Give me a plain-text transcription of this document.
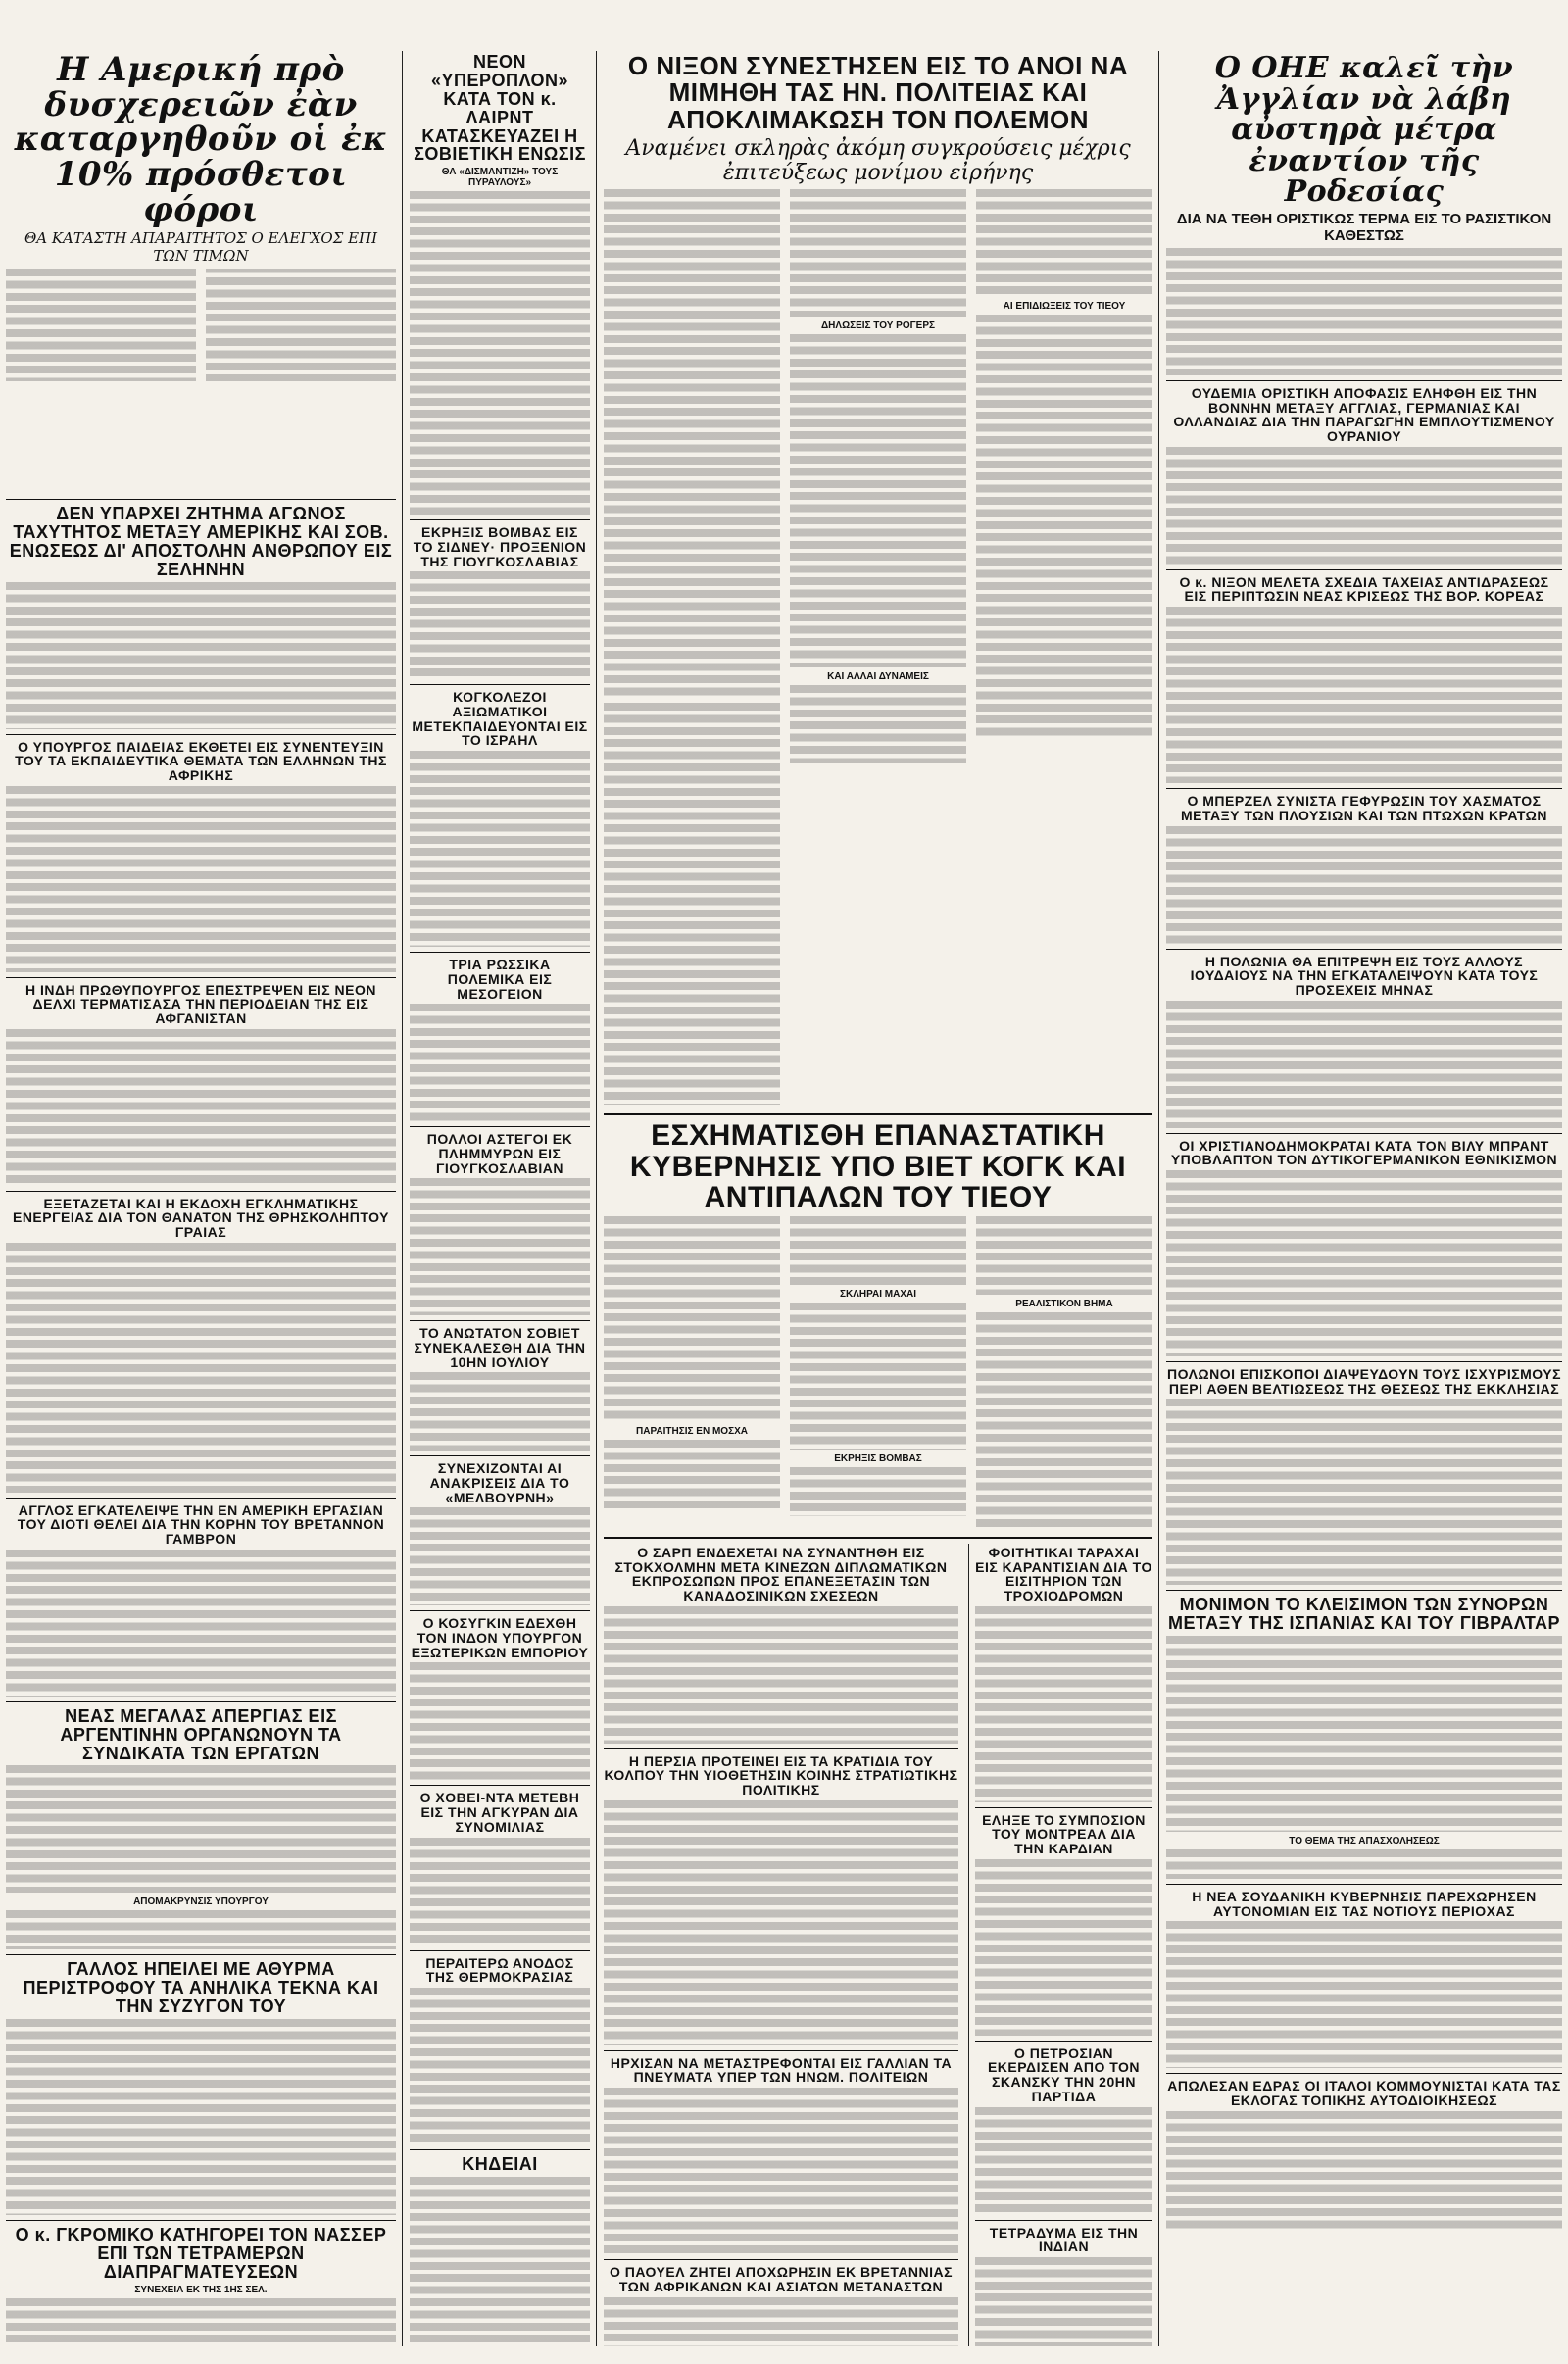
Η Αμερική πρὸ δυσχερειῶν ἐὰν καταργηθοῦν οἱ ἐκ 10% πρόσθετοι φόροι
ΘΑ ΚΑΤΑΣΤΗ ΑΠΑΡΑΙΤΗΤΟΣ Ο ΕΛΕΓΧΟΣ ΕΠΙ ΤΩΝ ΤΙΜΩΝ
ΔΕΝ ΥΠΑΡΧΕΙ ΖΗΤΗΜΑ ΑΓΩΝΟΣ ΤΑΧΥΤΗΤΟΣ ΜΕΤΑΞΥ ΑΜΕΡΙΚΗΣ ΚΑΙ ΣΟΒ. ΕΝΩΣΕΩΣ ΔΙ' ΑΠΟΣΤΟΛΗΝ ΑΝΘΡΩΠΟΥ ΕΙΣ ΣΕΛΗΝΗΝ
Ο ΥΠΟΥΡΓΟΣ ΠΑΙΔΕΙΑΣ ΕΚΘΕΤΕΙ ΕΙΣ ΣΥΝΕΝΤΕΥΞΙΝ ΤΟΥ ΤΑ ΕΚΠΑΙΔΕΥΤΙΚΑ ΘΕΜΑΤΑ ΤΩΝ ΕΛΛΗΝΩΝ ΤΗΣ ΑΦΡΙΚΗΣ
Η ΙΝΔΗ ΠΡΩΘΥΠΟΥΡΓΟΣ ΕΠΕΣΤΡΕΨΕΝ ΕΙΣ ΝΕΟΝ ΔΕΛΧΙ ΤΕΡΜΑΤΙΣΑΣΑ ΤΗΝ ΠΕΡΙΟΔΕΙΑΝ ΤΗΣ ΕΙΣ ΑΦΓΑΝΙΣΤΑΝ
ΕΞΕΤΑΖΕΤΑΙ ΚΑΙ Η ΕΚΔΟΧΗ ΕΓΚΛΗΜΑΤΙΚΗΣ ΕΝΕΡΓΕΙΑΣ ΔΙΑ ΤΟΝ ΘΑΝΑΤΟΝ ΤΗΣ ΘΡΗΣΚΟΛΗΠΤΟΥ ΓΡΑΙΑΣ
ΑΓΓΛΟΣ ΕΓΚΑΤΕΛΕΙΨΕ ΤΗΝ ΕΝ ΑΜΕΡΙΚΗ ΕΡΓΑΣΙΑΝ ΤΟΥ ΔΙΟΤΙ ΘΕΛΕΙ ΔΙΑ ΤΗΝ ΚΟΡΗΝ ΤΟΥ ΒΡΕΤΑΝΝΟΝ ΓΑΜΒΡΟΝ
ΝΕΑΣ ΜΕΓΑΛΑΣ ΑΠΕΡΓΙΑΣ ΕΙΣ ΑΡΓΕΝΤΙΝΗΝ ΟΡΓΑΝΩΝΟΥΝ ΤΑ ΣΥΝΔΙΚΑΤΑ ΤΩΝ ΕΡΓΑΤΩΝ
ΑΠΟΜΑΚΡΥΝΣΙΣ ΥΠΟΥΡΓΟΥ
ΓΑΛΛΟΣ ΗΠΕΙΛΕΙ ΜΕ ΑΘΥΡΜΑ ΠΕΡΙΣΤΡΟΦΟΥ ΤΑ ΑΝΗΛΙΚΑ ΤΕΚΝΑ ΚΑΙ ΤΗΝ ΣΥΖΥΓΟΝ ΤΟΥ
Ο κ. ΓΚΡΟΜΙΚΟ ΚΑΤΗΓΟΡΕΙ ΤΟΝ ΝΑΣΣΕΡ ΕΠΙ ΤΩΝ ΤΕΤΡΑΜΕΡΩΝ ΔΙΑΠΡΑΓΜΑΤΕΥΣΕΩΝ
ΣΥΝΕΧΕΙΑ ΕΚ ΤΗΣ 1ΗΣ ΣΕΛ.
ΝΕΟΝ «ΥΠΕΡΟΠΛΟΝ» ΚΑΤΑ ΤΟΝ κ. ΛΑΙΡΝΤ ΚΑΤΑΣΚΕΥΑΖΕΙ Η ΣΟΒΙΕΤΙΚΗ ΕΝΩΣΙΣ
ΘΑ «ΔΙΣΜΑΝΤΙΖΗ» ΤΟΥΣ ΠΥΡΑΥΛΟΥΣ»
ΕΚΡΗΞΙΣ ΒΟΜΒΑΣ ΕΙΣ ΤΟ ΣΙΔΝΕΥ· ΠΡΟΞΕΝΙΟΝ ΤΗΣ ΓΙΟΥΓΚΟΣΛΑΒΙΑΣ
ΚΟΓΚΟΛΕΖΟΙ ΑΞΙΩΜΑΤΙΚΟΙ ΜΕΤΕΚΠΑΙΔΕΥΟΝΤΑΙ ΕΙΣ ΤΟ ΙΣΡΑΗΛ
ΤΡΙΑ ΡΩΣΣΙΚΑ ΠΟΛΕΜΙΚΑ ΕΙΣ ΜΕΣΟΓΕΙΟΝ
ΠΟΛΛΟΙ ΑΣΤΕΓΟΙ ΕΚ ΠΛΗΜΜΥΡΩΝ ΕΙΣ ΓΙΟΥΓΚΟΣΛΑΒΙΑΝ
ΤΟ ΑΝΩΤΑΤΟΝ ΣΟΒΙΕΤ ΣΥΝΕΚΑΛΕΣΘΗ ΔΙΑ ΤΗΝ 10ΗΝ ΙΟΥΛΙΟΥ
ΣΥΝΕΧΙΖΟΝΤΑΙ ΑΙ ΑΝΑΚΡΙΣΕΙΣ ΔΙΑ ΤΟ «ΜΕΛΒΟΥΡΝΗ»
Ο ΚΟΣΥΓΚΙΝ ΕΔΕΧΘΗ ΤΟΝ ΙΝΔΟΝ ΥΠΟΥΡΓΟΝ ΕΞΩΤΕΡΙΚΩΝ ΕΜΠΟΡΙΟΥ
Ο ΧΟΒΕΙ-ΝΤΑ ΜΕΤΕΒΗ ΕΙΣ ΤΗΝ ΑΓΚΥΡΑΝ ΔΙΑ ΣΥΝΟΜΙΛΙΑΣ
ΠΕΡΑΙΤΕΡΩ ΑΝΟΔΟΣ ΤΗΣ ΘΕΡΜΟΚΡΑΣΙΑΣ
ΚΗΔΕΙΑΙ
Ο ΝΙΞΟΝ ΣΥΝΕΣΤΗΣΕΝ ΕΙΣ ΤΟ ΑΝΟΙ ΝΑ ΜΙΜΗΘΗ ΤΑΣ ΗΝ. ΠΟΛΙΤΕΙΑΣ ΚΑΙ ΑΠΟΚΛΙΜΑΚΩΣΗ ΤΟΝ ΠΟΛΕΜΟΝ
Αναμένει σκληρὰς ἀκόμη συγκρούσεις μέχρις ἐπιτεύξεως μονίμου εἰρήνης
ΔΗΛΩΣΕΙΣ ΤΟΥ ΡΟΓΕΡΣ
ΚΑΙ ΑΛΛΑΙ ΔΥΝΑΜΕΙΣ
ΑΙ ΕΠΙΔΙΩΞΕΙΣ ΤΟΥ ΤΙΕΟΥ
ΕΣΧΗΜΑΤΙΣΘΗ ΕΠΑΝΑΣΤΑΤΙΚΗ ΚΥΒΕΡΝΗΣΙΣ ΥΠΟ ΒΙΕΤ ΚΟΓΚ ΚΑΙ ΑΝΤΙΠΑΛΩΝ ΤΟΥ ΤΙΕΟΥ
ΠΑΡΑΙΤΗΣΙΣ ΕΝ ΜΟΣΧΑ
ΣΚΛΗΡΑΙ ΜΑΧΑΙ
ΕΚΡΗΞΙΣ ΒΟΜΒΑΣ
ΡΕΑΛΙΣΤΙΚΟΝ ΒΗΜΑ
Ο ΣΑΡΠ ΕΝΔΕΧΕΤΑΙ ΝΑ ΣΥΝΑΝΤΗΘΗ ΕΙΣ ΣΤΟΚΧΟΛΜΗΝ ΜΕΤΑ ΚΙΝΕΖΩΝ ΔΙΠΛΩΜΑΤΙΚΩΝ ΕΚΠΡΟΣΩΠΩΝ ΠΡΟΣ ΕΠΑΝΕΞΕΤΑΣΙΝ ΤΩΝ ΚΑΝΑΔΟΣΙΝΙΚΩΝ ΣΧΕΣΕΩΝ
Η ΠΕΡΣΙΑ ΠΡΟΤΕΙΝΕΙ ΕΙΣ ΤΑ ΚΡΑΤΙΔΙΑ ΤΟΥ ΚΟΛΠΟΥ ΤΗΝ ΥΙΟΘΕΤΗΣΙΝ ΚΟΙΝΗΣ ΣΤΡΑΤΙΩΤΙΚΗΣ ΠΟΛΙΤΙΚΗΣ
ΗΡΧΙΣΑΝ ΝΑ ΜΕΤΑΣΤΡΕΦΟΝΤΑΙ ΕΙΣ ΓΑΛΛΙΑΝ ΤΑ ΠΝΕΥΜΑΤΑ ΥΠΕΡ ΤΩΝ ΗΝΩΜ. ΠΟΛΙΤΕΙΩΝ
Ο ΠΑΟΥΕΛ ΖΗΤΕΙ ΑΠΟΧΩΡΗΣΙΝ ΕΚ ΒΡΕΤΑΝΝΙΑΣ ΤΩΝ ΑΦΡΙΚΑΝΩΝ ΚΑΙ ΑΣΙΑΤΩΝ ΜΕΤΑΝΑΣΤΩΝ
ΦΟΙΤΗΤΙΚΑΙ ΤΑΡΑΧΑΙ ΕΙΣ ΚΑΡΑΝΤΙΣΙΑΝ ΔΙΑ ΤΟ ΕΙΣΙΤΗΡΙΟΝ ΤΩΝ ΤΡΟΧΙΟΔΡΟΜΩΝ
ΕΛΗΞΕ ΤΟ ΣΥΜΠΟΣΙΟΝ ΤΟΥ ΜΟΝΤΡΕΑΛ ΔΙΑ ΤΗΝ ΚΑΡΔΙΑΝ
Ο ΠΕΤΡΟΣΙΑΝ ΕΚΕΡΔΙΣΕΝ ΑΠΟ ΤΟΝ ΣΚΑΝΣΚΥ ΤΗΝ 20ΗΝ ΠΑΡΤΙΔΑ
ΤΕΤΡΑΔΥΜΑ ΕΙΣ ΤΗΝ ΙΝΔΙΑΝ
Ο ΟΗΕ καλεῖ τὴν Ἀγγλίαν νὰ λάβη αὐστηρὰ μέτρα ἐναντίον τῆς Ροδεσίας
ΔΙΑ ΝΑ ΤΕΘΗ ΟΡΙΣΤΙΚΩΣ ΤΕΡΜΑ ΕΙΣ ΤΟ ΡΑΣΙΣΤΙΚΟΝ ΚΑΘΕΣΤΩΣ
ΟΥΔΕΜΙΑ ΟΡΙΣΤΙΚΗ ΑΠΟΦΑΣΙΣ ΕΛΗΦΘΗ ΕΙΣ ΤΗΝ ΒΟΝΝΗΝ ΜΕΤΑΞΥ ΑΓΓΛΙΑΣ, ΓΕΡΜΑΝΙΑΣ ΚΑΙ ΟΛΛΑΝΔΙΑΣ ΔΙΑ ΤΗΝ ΠΑΡΑΓΩΓΗΝ ΕΜΠΛΟΥΤΙΣΜΕΝΟΥ ΟΥΡΑΝΙΟΥ
Ο κ. ΝΙΞΟΝ ΜΕΛΕΤΑ ΣΧΕΔΙΑ ΤΑΧΕΙΑΣ ΑΝΤΙΔΡΑΣΕΩΣ ΕΙΣ ΠΕΡΙΠΤΩΣΙΝ ΝΕΑΣ ΚΡΙΣΕΩΣ ΤΗΣ ΒΟΡ. ΚΟΡΕΑΣ
Ο ΜΠΕΡΖΕΛ ΣΥΝΙΣΤΑ ΓΕΦΥΡΩΣΙΝ ΤΟΥ ΧΑΣΜΑΤΟΣ ΜΕΤΑΞΥ ΤΩΝ ΠΛΟΥΣΙΩΝ ΚΑΙ ΤΩΝ ΠΤΩΧΩΝ ΚΡΑΤΩΝ
Η ΠΟΛΩΝΙΑ ΘΑ ΕΠΙΤΡΕΨΗ ΕΙΣ ΤΟΥΣ ΑΛΛΟΥΣ ΙΟΥΔΑΙΟΥΣ ΝΑ ΤΗΝ ΕΓΚΑΤΑΛΕΙΨΟΥΝ ΚΑΤΑ ΤΟΥΣ ΠΡΟΣΕΧΕΙΣ ΜΗΝΑΣ
ΟΙ ΧΡΙΣΤΙΑΝΟΔΗΜΟΚΡΑΤΑΙ ΚΑΤΑ ΤΟΝ ΒΙΛΥ ΜΠΡΑΝΤ ΥΠΟΒΛΑΠΤΟΝ ΤΟΝ ΔΥΤΙΚΟΓΕΡΜΑΝΙΚΟΝ ΕΘΝΙΚΙΣΜΟΝ
ΠΟΛΩΝΟΙ ΕΠΙΣΚΟΠΟΙ ΔΙΑΨΕΥΔΟΥΝ ΤΟΥΣ ΙΣΧΥΡΙΣΜΟΥΣ ΠΕΡΙ ΑΘΕΝ ΒΕΛΤΙΩΣΕΩΣ ΤΗΣ ΘΕΣΕΩΣ ΤΗΣ ΕΚΚΛΗΣΙΑΣ
ΜΟΝΙΜΟΝ ΤΟ ΚΛΕΙΣΙΜΟΝ ΤΩΝ ΣΥΝΟΡΩΝ ΜΕΤΑΞΥ ΤΗΣ ΙΣΠΑΝΙΑΣ ΚΑΙ ΤΟΥ ΓΙΒΡΑΛΤΑΡ
ΤΟ ΘΕΜΑ ΤΗΣ ΑΠΑΣΧΟΛΗΣΕΩΣ
Η ΝΕΑ ΣΟΥΔΑΝΙΚΗ ΚΥΒΕΡΝΗΣΙΣ ΠΑΡΕΧΩΡΗΣΕΝ ΑΥΤΟΝΟΜΙΑΝ ΕΙΣ ΤΑΣ ΝΟΤΙΟΥΣ ΠΕΡΙΟΧΑΣ
ΑΠΩΛΕΣΑΝ ΕΔΡΑΣ ΟΙ ΙΤΑΛΟΙ ΚΟΜΜΟΥΝΙΣΤΑΙ ΚΑΤΑ ΤΑΣ ΕΚΛΟΓΑΣ ΤΟΠΙΚΗΣ ΑΥΤΟΔΙΟΙΚΗΣΕΩΣ
